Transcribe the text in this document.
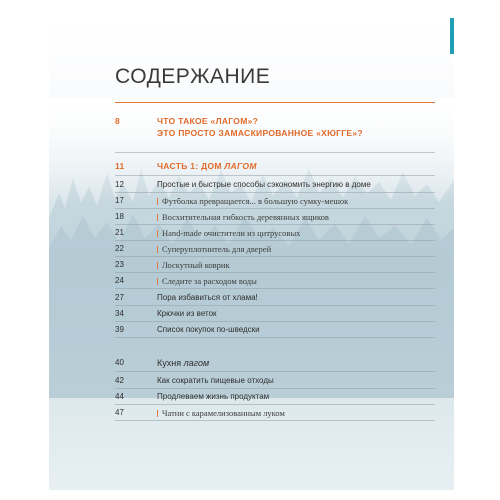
СОДЕРЖАНИЕ
8	ЧТО ТАКОЕ «ЛАГОМ»?
ЭТО ПРОСТО ЗАМАСКИРОВАННОЕ «ХЮГГЕ»?
11	ЧАСТЬ 1: ДОМ ЛАГОМ
12	Простые и быстрые способы сэкономить энергию в доме
17	Футболка превращается... в большую сумку-мешок
18	Восхитительная гибкость деревянных ящиков
21	Hand-made очистители из цитрусовых
22	Суперуплотнитель для дверей
23	Лоскутный коврик
24	Следите за расходом воды
27	Пора избавиться от хлама!
34	Крючки из веток
39	Список покупок по-шведски
40	Кухня лагом
42	Как сократить пищевые отходы
44	Продлеваем жизнь продуктам
47	Чатни с карамелизованным луком
